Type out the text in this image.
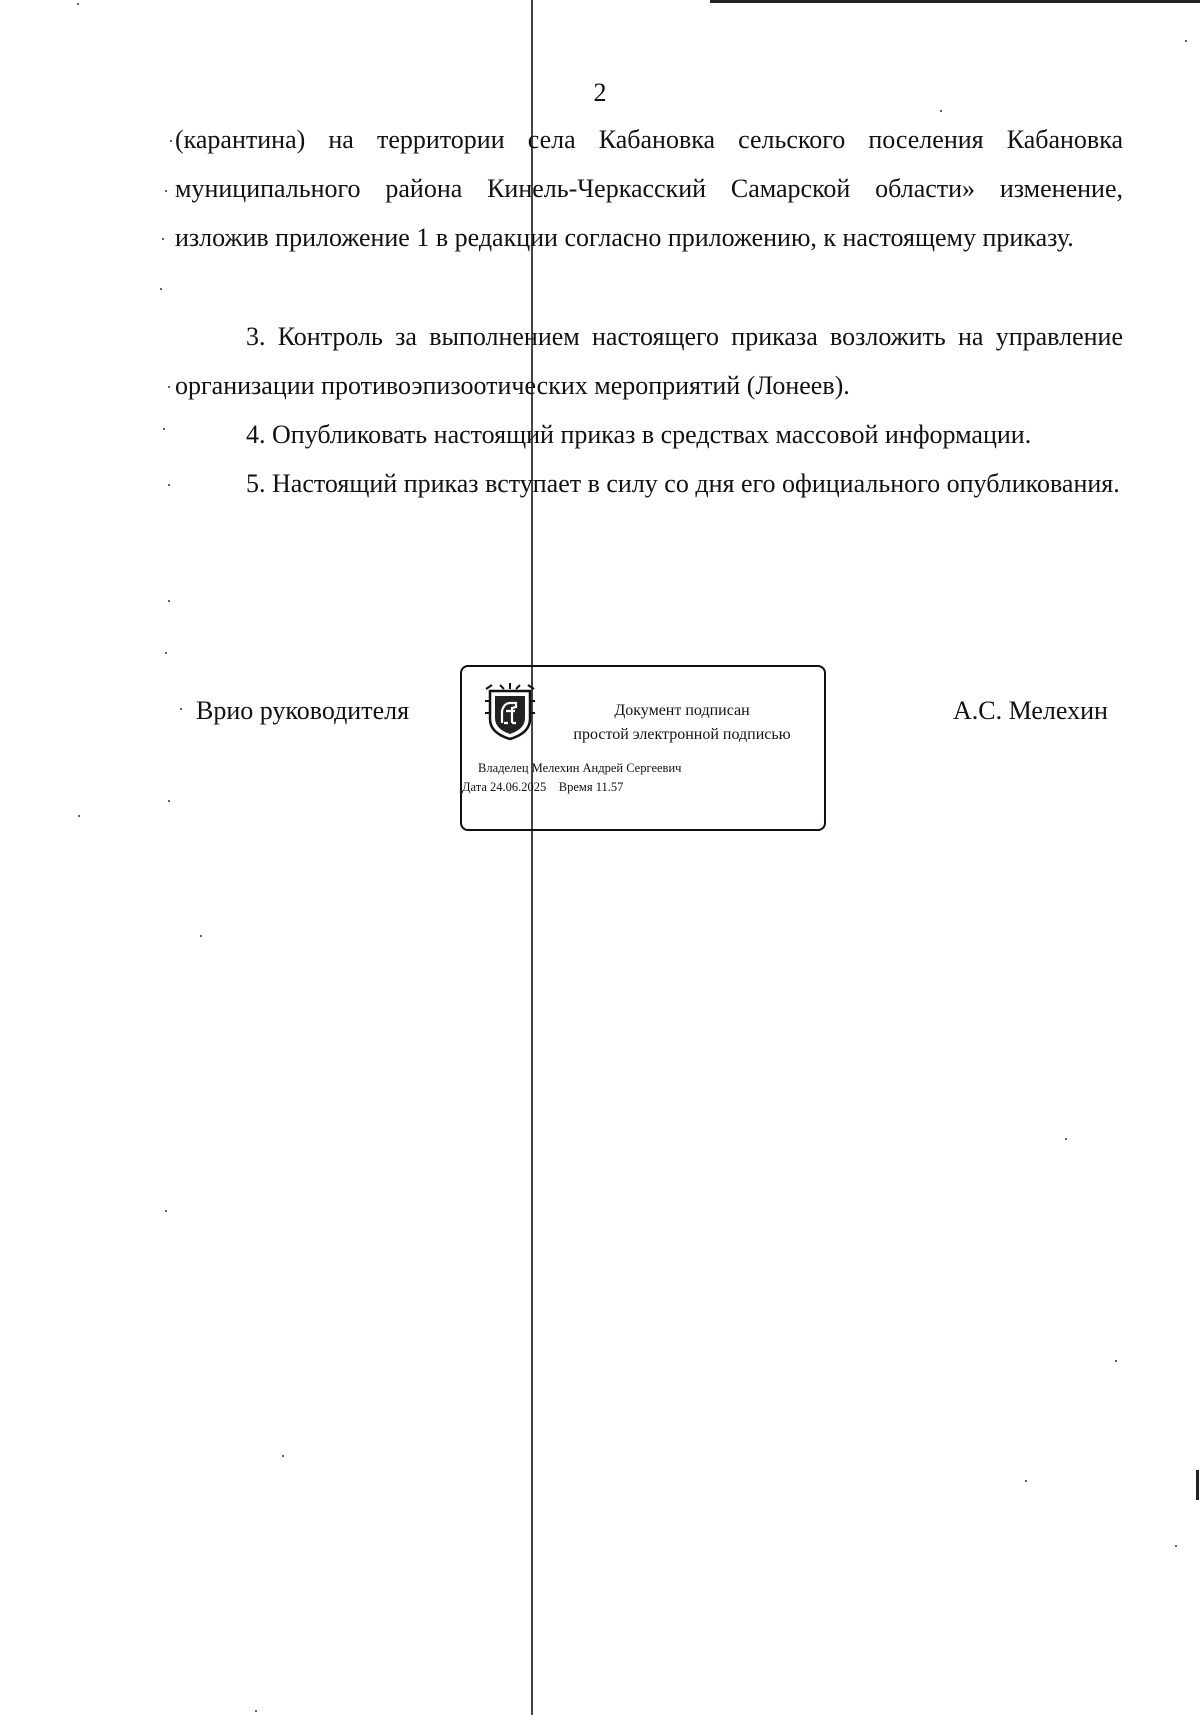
2

(карантина) на территории села Кабановка сельского поселения Кабановка муниципального района Кинель-Черкасский Самарской области» изменение, изложив приложение 1 в редакции согласно приложению, к настоящему приказу.

3. Контроль за выполнением настоящего приказа возложить на управление организации противоэпизоотических мероприятий (Лонеев).

4. Опубликовать настоящий приказ в средствах массовой информации.

5. Настоящий приказ вступает в силу со дня его официального опубликования.

Врио руководителя	А.С. Мелехин
Документ подписан
простой электронной подписью
Владелец Мелехин Андрей Сергеевич
Дата 24.06.2025    Время 11.57
